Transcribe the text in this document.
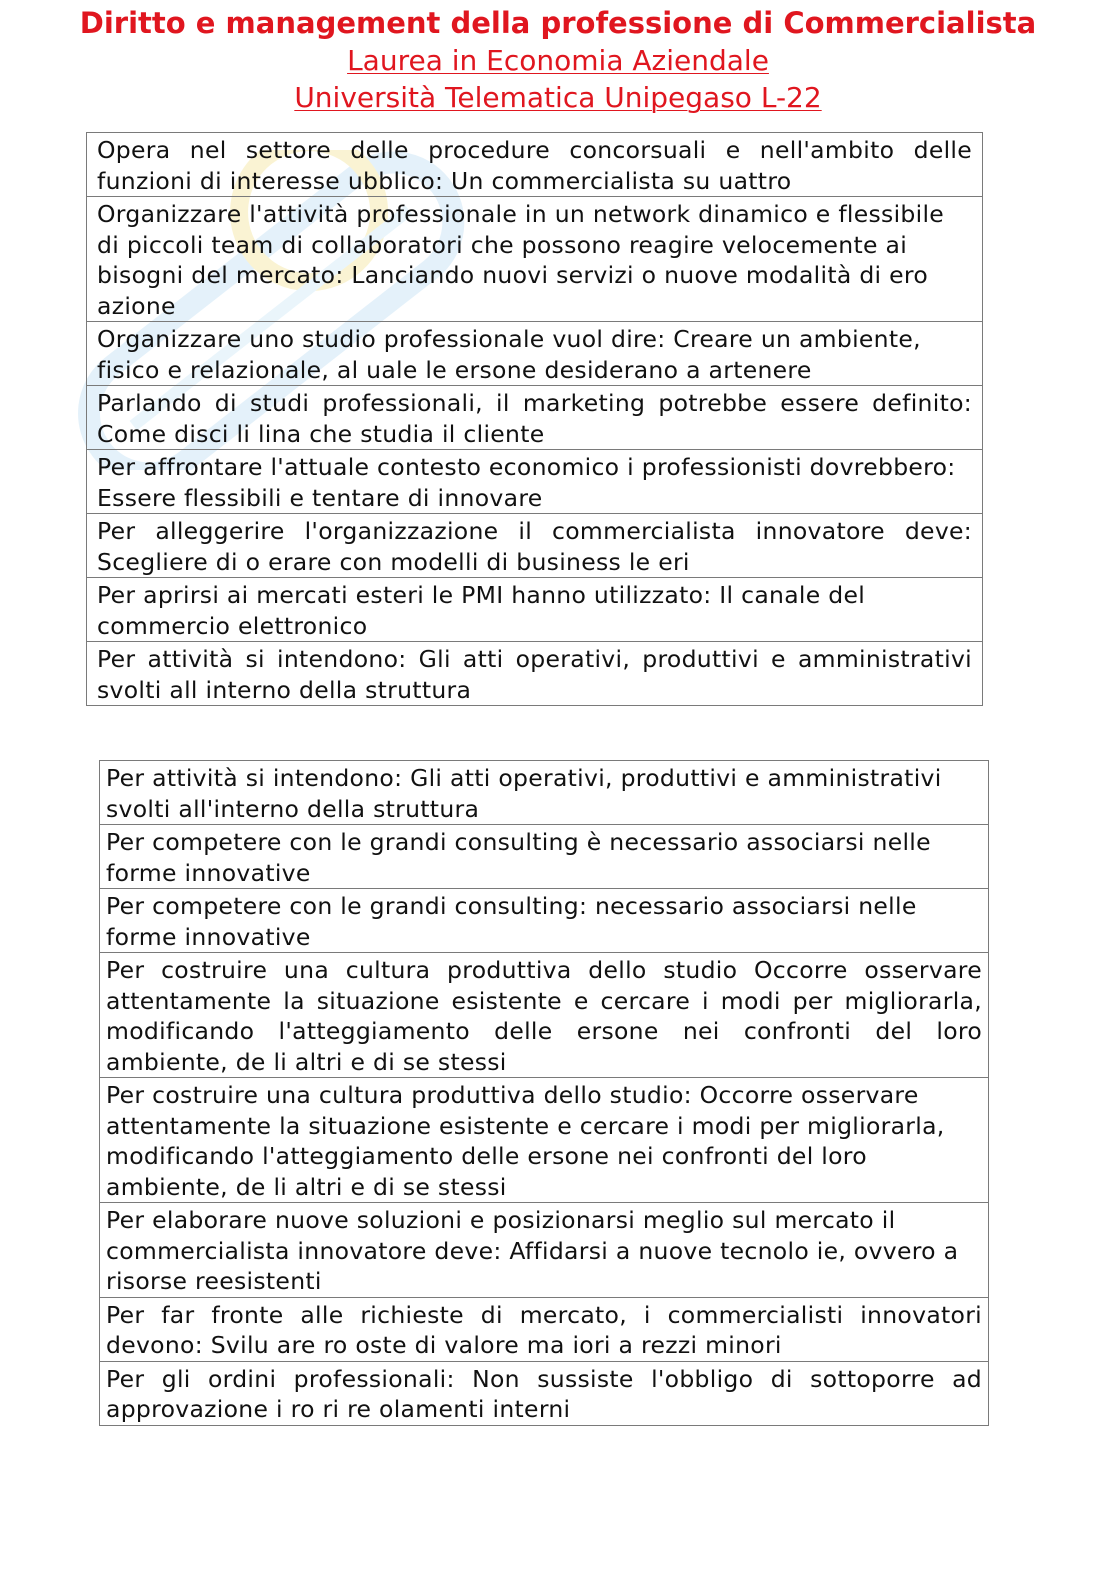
Diritto e management della professione di Commercialista
Laurea in Economia Aziendale
Università Telematica Unipegaso L-22
Opera nel settore delle procedure concorsuali e nell'ambito delle funzioni di interesse ubblico: Un commercialista su uattro
Organizzare l'attività professionale in un network dinamico e flessibile di piccoli team di collaboratori che possono reagire velocemente ai bisogni del mercato: Lanciando nuovi servizi o nuove modalità di ero azione
Organizzare uno studio professionale vuol dire: Creare un ambiente, fisico e relazionale, al uale le ersone desiderano a artenere
Parlando di studi professionali, il marketing potrebbe essere definito: Come disci li lina che studia il cliente
Per affrontare l'attuale contesto economico i professionisti dovrebbero: Essere flessibili e tentare di innovare
Per alleggerire l'organizzazione il commercialista innovatore deve: Scegliere di o erare con modelli di business le eri
Per aprirsi ai mercati esteri le PMI hanno utilizzato: Il canale del commercio elettronico
Per attività si intendono: Gli atti operativi, produttivi e amministrativi svolti all interno della struttura
Per attività si intendono: Gli atti operativi, produttivi e amministrativi svolti all'interno della struttura
Per competere con le grandi consulting è necessario associarsi nelle forme innovative
Per competere con le grandi consulting: necessario associarsi nelle forme innovative
Per costruire una cultura produttiva dello studio Occorre osservare attentamente la situazione esistente e cercare i modi per migliorarla, modificando l'atteggiamento delle ersone nei confronti del loro ambiente, de li altri e di se stessi
Per costruire una cultura produttiva dello studio: Occorre osservare attentamente la situazione esistente e cercare i modi per migliorarla, modificando l'atteggiamento delle ersone nei confronti del loro ambiente, de li altri e di se stessi
Per elaborare nuove soluzioni e posizionarsi meglio sul mercato il commercialista innovatore deve: Affidarsi a nuove tecnolo ie, ovvero a risorse reesistenti
Per far fronte alle richieste di mercato, i commercialisti innovatori devono: Svilu are ro oste di valore ma iori a rezzi minori
Per gli ordini professionali: Non sussiste l'obbligo di sottoporre ad approvazione i ro ri re olamenti interni
